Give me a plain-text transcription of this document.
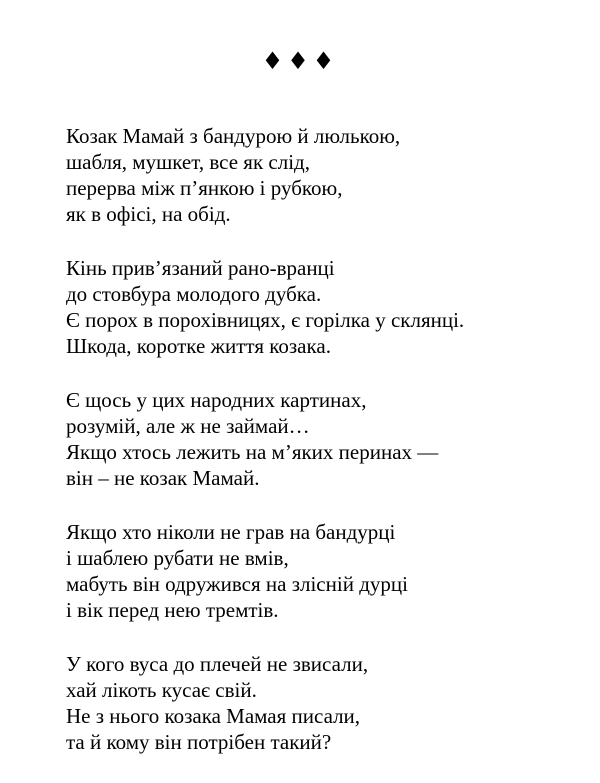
♦♦♦
Козак Мамай з бандурою й люлькою,
шабля, мушкет, все як слід,
перерва між п’янкою і рубкою,
як в офісі, на обід.
Кінь прив’язаний рано-вранці
до стовбура молодого дубка.
Є порох в порохівницях, є горілка у склянці.
Шкода, коротке життя козака.
Є щось у цих народних картинах,
розумій, але ж не займай…
Якщо хтось лежить на м’яких перинах —
він – не козак Мамай.
Якщо хто ніколи не грав на бандурці
і шаблею рубати не вмів,
мабуть він одружився на злісній дурці
і вік перед нею тремтів.
У кого вуса до плечей не звисали,
хай лікоть кусає свій.
Не з нього козака Мамая писали,
та й кому він потрібен такий?
